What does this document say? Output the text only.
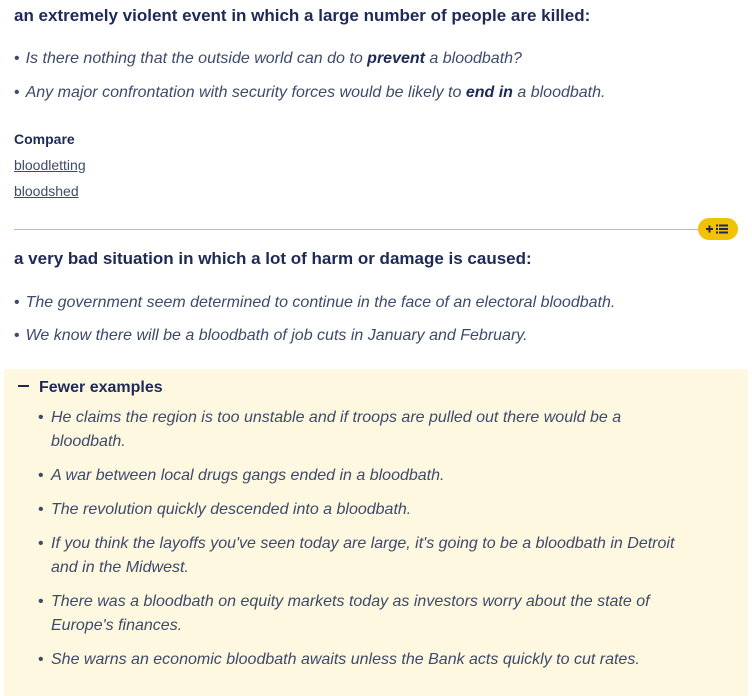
an extremely violent event in which a large number of people are killed:
• Is there nothing that the outside world can do to prevent a bloodbath?
• Any major confrontation with security forces would be likely to end in a bloodbath.
Compare
bloodletting
bloodshed
a very bad situation in which a lot of harm or damage is caused:
• The government seem determined to continue in the face of an electoral bloodbath.
• We know there will be a bloodbath of job cuts in January and February.
Fewer examples
• He claims the region is too unstable and if troops are pulled out there would be a bloodbath.
• A war between local drugs gangs ended in a bloodbath.
• The revolution quickly descended into a bloodbath.
• If you think the layoffs you've seen today are large, it's going to be a bloodbath in Detroit and in the Midwest.
• There was a bloodbath on equity markets today as investors worry about the state of Europe's finances.
• She warns an economic bloodbath awaits unless the Bank acts quickly to cut rates.
